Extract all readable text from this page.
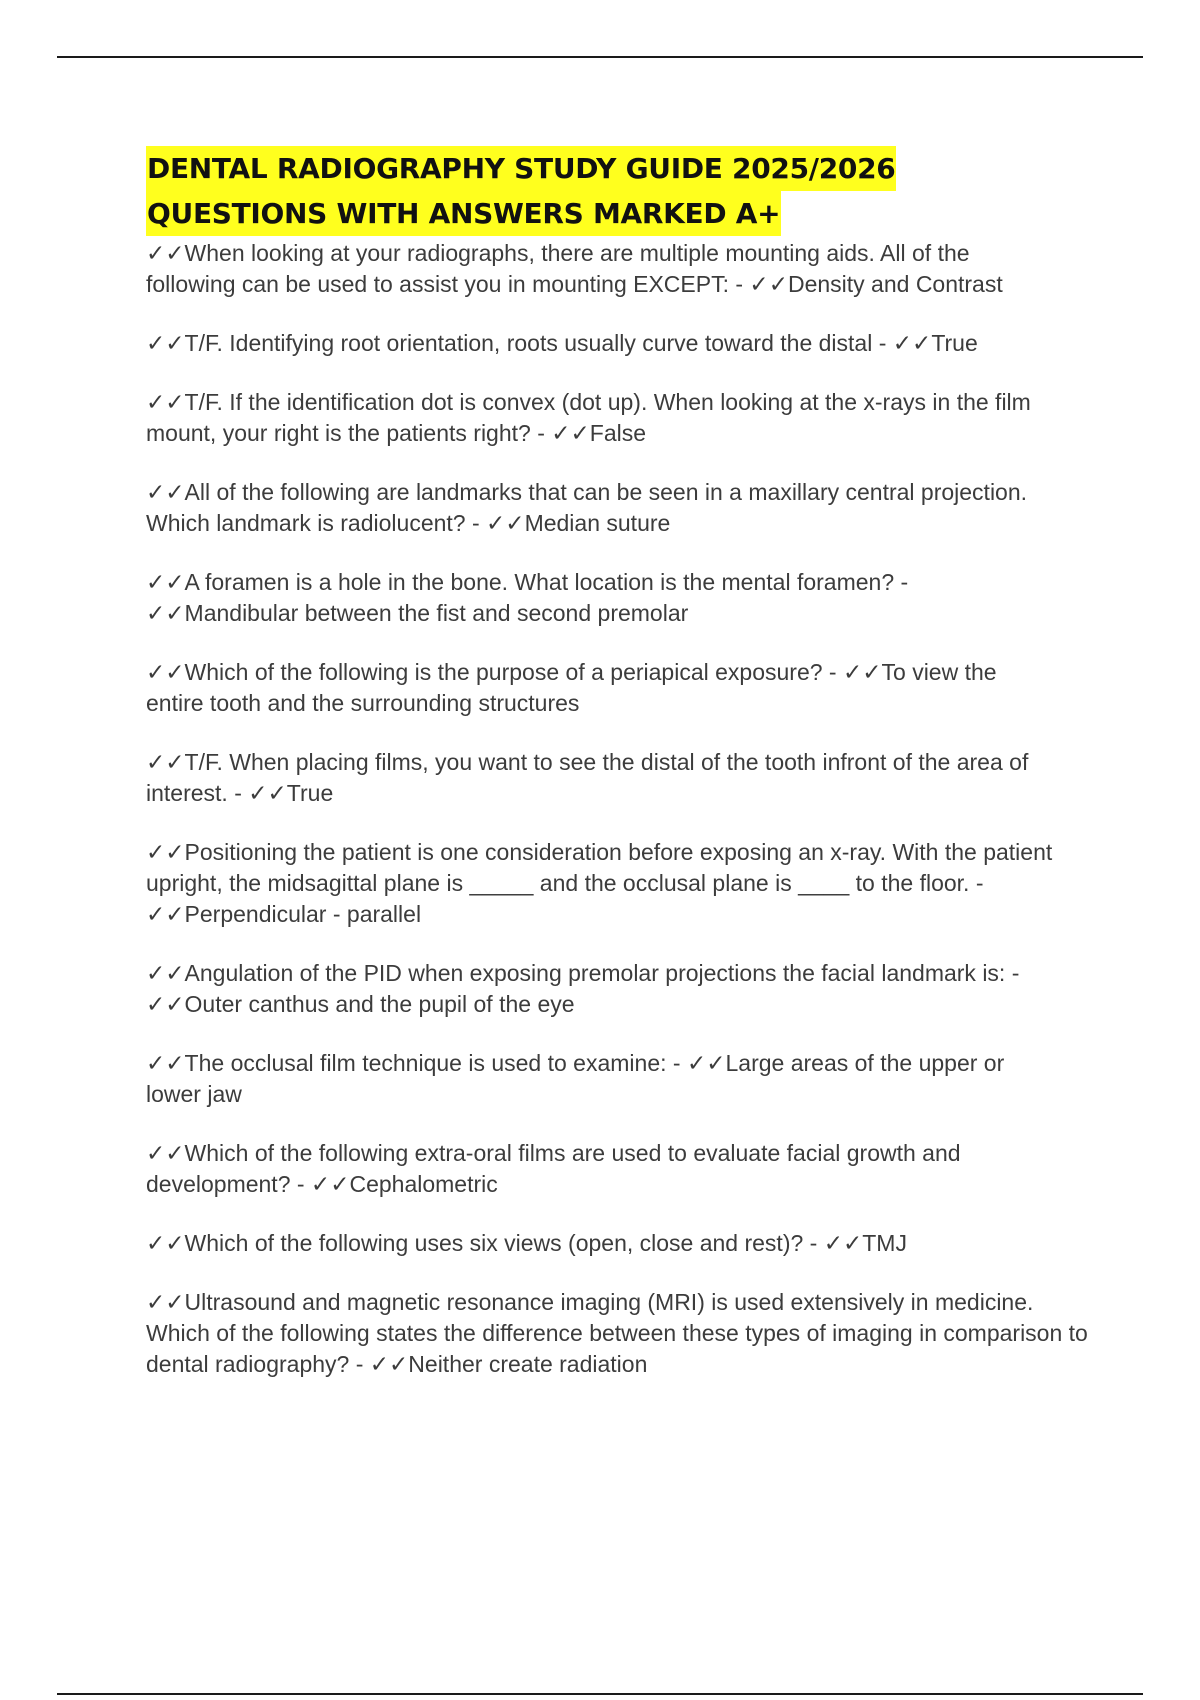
DENTAL RADIOGRAPHY STUDY GUIDE 2025/2026
QUESTIONS WITH ANSWERS MARKED A+

✓✓When looking at your radiographs, there are multiple mounting aids. All of the following can be used to assist you in mounting EXCEPT: - ✓✓Density and Contrast

✓✓T/F. Identifying root orientation, roots usually curve toward the distal - ✓✓True

✓✓T/F. If the identification dot is convex (dot up). When looking at the x-rays in the film mount, your right is the patients right? - ✓✓False

✓✓All of the following are landmarks that can be seen in a maxillary central projection. Which landmark is radiolucent? - ✓✓Median suture

✓✓A foramen is a hole in the bone. What location is the mental foramen? - ✓✓Mandibular between the fist and second premolar

✓✓Which of the following is the purpose of a periapical exposure? - ✓✓To view the entire tooth and the surrounding structures

✓✓T/F. When placing films, you want to see the distal of the tooth infront of the area of interest. - ✓✓True

✓✓Positioning the patient is one consideration before exposing an x-ray. With the patient upright, the midsagittal plane is _____ and the occlusal plane is ____ to the floor. - ✓✓Perpendicular - parallel

✓✓Angulation of the PID when exposing premolar projections the facial landmark is: - ✓✓Outer canthus and the pupil of the eye

✓✓The occlusal film technique is used to examine: - ✓✓Large areas of the upper or lower jaw

✓✓Which of the following extra-oral films are used to evaluate facial growth and development? - ✓✓Cephalometric

✓✓Which of the following uses six views (open, close and rest)? - ✓✓TMJ

✓✓Ultrasound and magnetic resonance imaging (MRI) is used extensively in medicine. Which of the following states the difference between these types of imaging in comparison to dental radiography? - ✓✓Neither create radiation
